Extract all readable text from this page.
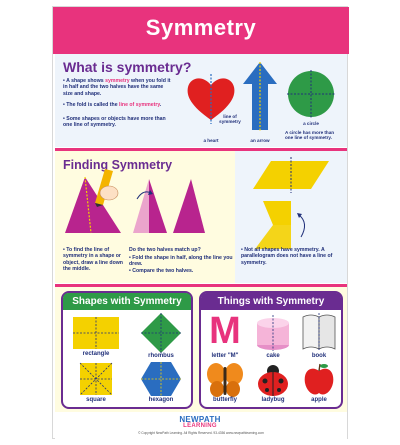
Symmetry
What is symmetry?
• A shape shows symmetry when you fold it in half and the two halves have the same size and shape.
• The fold is called the line of symmetry.
• Some shapes or objects have more than one line of symmetry.
a heart
line of symmetry
an arrow
a circle
A circle has more than one line of symmetry.
Finding Symmetry
• To find the line of symmetry in a shape or object, draw a line down the middle.
Do the two halves match up?
• Fold the shape in half, along the line you drew.
• Compare the two halves.
• Not all shapes have symmetry. A parallelogram does not have a line of symmetry.
Shapes with Symmetry
rectangle	rhombus
square	hexagon
Things with Symmetry
M
letter "M"	cake	book
butterfly	ladybug	apple
NEWPATH
LEARNING
© Copyright NewPath Learning. All Rights Reserved. 93-4356 www.newpathlearning.com
